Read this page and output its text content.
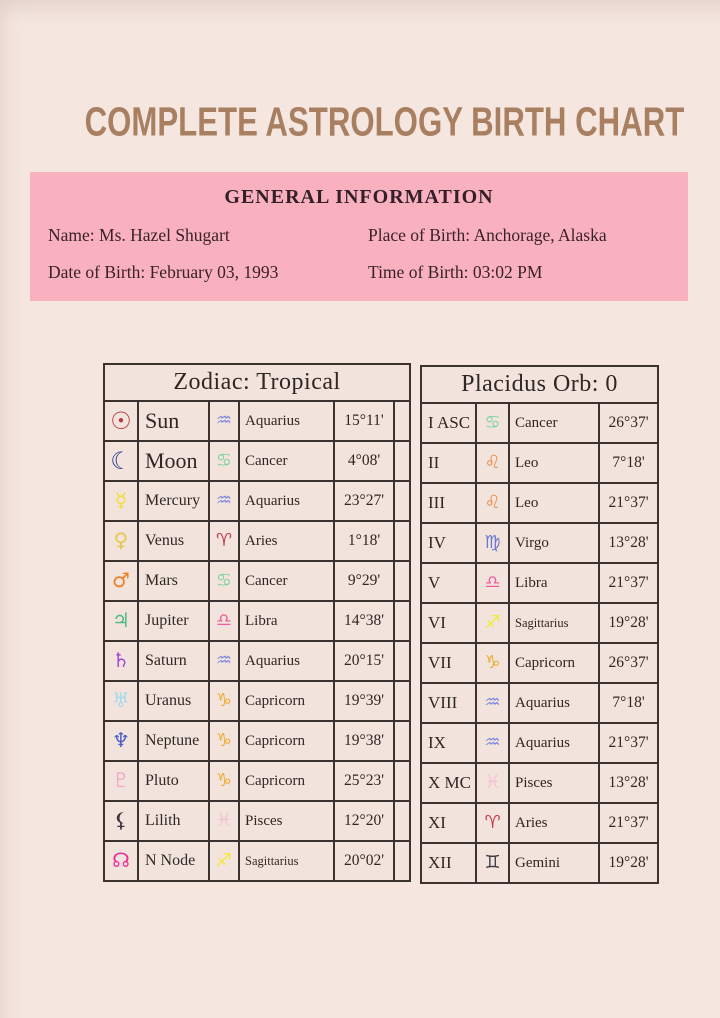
COMPLETE ASTROLOGY BIRTH CHART
GENERAL INFORMATION
Name: Ms. Hazel Shugart	Place of Birth: Anchorage, Alaska
Date of Birth: February 03, 1993	Time of Birth: 03:02 PM
Zodiac: Tropical					
☉	Sun	♒	Aquarius	15°11'	
☾	Moon	♋	Cancer	4°08'	
☿	Mercury	♒	Aquarius	23°27'	
♀	Venus	♈	Aries	1°18'	
♂	Mars	♋	Cancer	9°29'	
♃	Jupiter	♎	Libra	14°38'	
♄	Saturn	♒	Aquarius	20°15'	
♅	Uranus	♑	Capricorn	19°39'	
♆	Neptune	♑	Capricorn	19°38'	
♇	Pluto	♑	Capricorn	25°23'	
⚸	Lilith	♓	Pisces	12°20'	
☊	N Node	♐	Sagittarius	20°02'	
Placidus Orb: 0			
I ASC	♋	Cancer	26°37'
II	♌	Leo	7°18'
III	♌	Leo	21°37'
IV	♍	Virgo	13°28'
V	♎	Libra	21°37'
VI	♐	Sagittarius	19°28'
VII	♑	Capricorn	26°37'
VIII	♒	Aquarius	7°18'
IX	♒	Aquarius	21°37'
X MC	♓	Pisces	13°28'
XI	♈	Aries	21°37'
XII	♊	Gemini	19°28'
